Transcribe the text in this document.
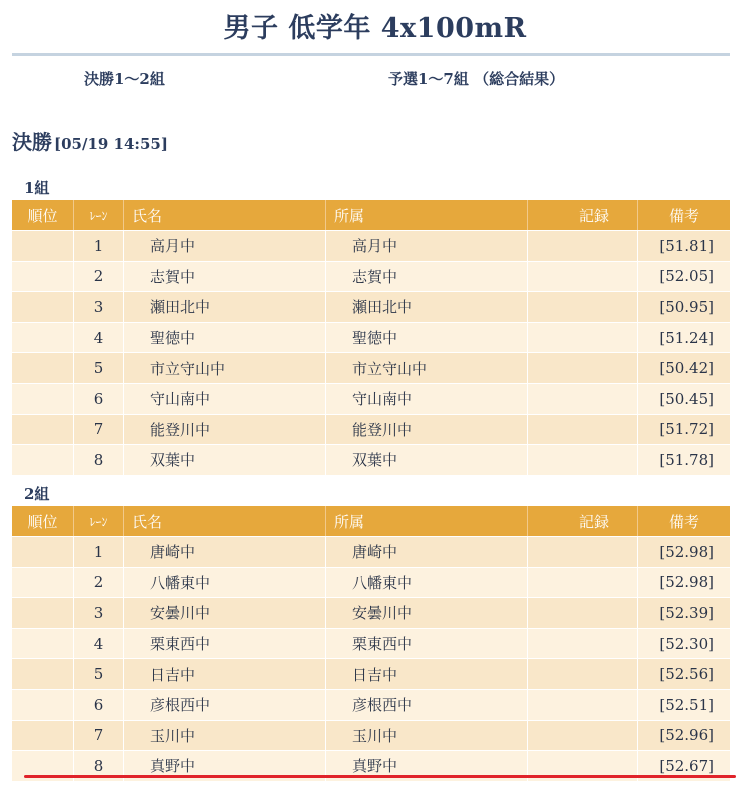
男子 低学年 4x100mR
決勝1〜2組	予選1〜7組 （総合結果）
決勝 [05/19 14:55]
1組
順位	ﾚｰﾝ	氏名	所属	記録	備考
	1	高月中	高月中		[51.81]
	2	志賀中	志賀中		[52.05]
	3	瀬田北中	瀬田北中		[50.95]
	4	聖徳中	聖徳中		[51.24]
	5	市立守山中	市立守山中		[50.42]
	6	守山南中	守山南中		[50.45]
	7	能登川中	能登川中		[51.72]
	8	双葉中	双葉中		[51.78]
2組
順位	ﾚｰﾝ	氏名	所属	記録	備考
	1	唐崎中	唐崎中		[52.98]
	2	八幡東中	八幡東中		[52.98]
	3	安曇川中	安曇川中		[52.39]
	4	栗東西中	栗東西中		[52.30]
	5	日吉中	日吉中		[52.56]
	6	彦根西中	彦根西中		[52.51]
	7	玉川中	玉川中		[52.96]
	8	真野中	真野中		[52.67]
